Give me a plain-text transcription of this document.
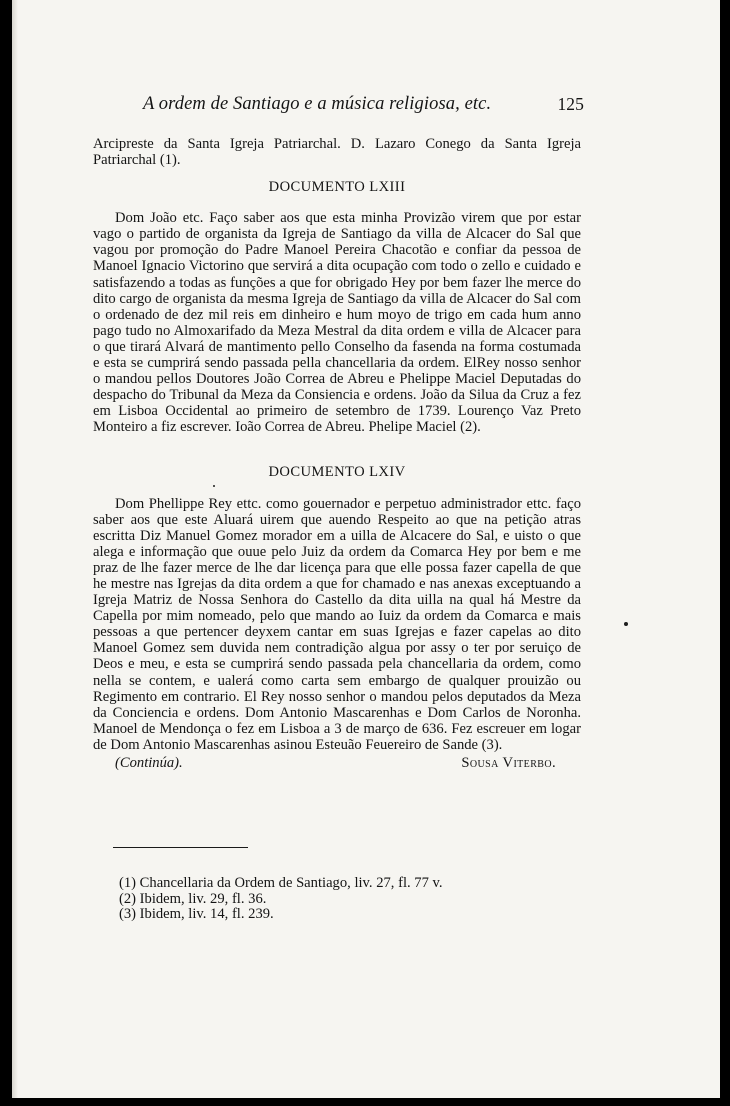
A ordem de Santiago e a música religiosa, etc.	125

Arcipreste da Santa Igreja Patriarchal. D. Lazaro Conego da Santa Igreja Patriarchal (1).

DOCUMENTO LXIII

Dom João etc. Faço saber aos que esta minha Provizão virem que por estar vago o partido de organista da Igreja de Santiago da villa de Alcacer do Sal que vagou por promoção do Padre Manoel Pereira Chacotão e confiar da pessoa de Manoel Ignacio Victorino que servirá a dita ocupação com todo o zello e cuidado e satisfazendo a todas as funções a que for obrigado Hey por bem fazer lhe merce do dito cargo de organista da mesma Igreja de Santiago da villa de Alcacer do Sal com o ordenado de dez mil reis em dinheiro e hum moyo de trigo em cada hum anno pago tudo no Almoxarifado da Meza Mestral da dita ordem e villa de Alcacer para o que tirará Alvará de mantimento pello Conselho da fasenda na forma costumada e esta se cumprirá sendo passada pella chancellaria da ordem. ElRey nosso senhor o mandou pellos Doutores João Correa de Abreu e Phelippe Maciel Deputadas do despacho do Tribunal da Meza da Consiencia e ordens. João da Silua da Cruz a fez em Lisboa Occidental ao primeiro de setembro de 1739. Lourenço Vaz Preto Monteiro a fiz escrever. Ioão Correa de Abreu. Phelipe Maciel (2).

DOCUMENTO LXIV

Dom Phellippe Rey ettc. como gouernador e perpetuo administrador ettc. faço saber aos que este Aluará uirem que auendo Respeito ao que na petição atras escritta Diz Manuel Gomez morador em a uilla de Alcacere do Sal, e uisto o que alega e informação que ouue pelo Juiz da ordem da Comarca Hey por bem e me praz de lhe fazer merce de lhe dar licença para que elle possa fazer capella de que he mestre nas Igrejas da dita ordem a que for chamado e nas anexas exceptuando a Igreja Matriz de Nossa Senhora do Castello da dita uilla na qual há Mestre da Capella por mim nomeado, pelo que mando ao Iuiz da ordem da Comarca e mais pessoas a que pertencer deyxem cantar em suas Igrejas e fazer capelas ao dito Manoel Gomez sem duvida nem contradição algua por assy o ter por seruiço de Deos e meu, e esta se cumprirá sendo passada pela chancellaria da ordem, como nella se contem, e ualerá como carta sem embargo de qualquer prouizão ou Regimento em contrario. El Rey nosso senhor o mandou pelos deputados da Meza da Conciencia e ordens. Dom Antonio Mascarenhas e Dom Carlos de Noronha. Manoel de Mendonça o fez em Lisboa a 3 de março de 636. Fez escreuer em logar de Dom Antonio Mascarenhas asinou Esteuão Feuereiro de Sande (3).

(Continúa).	Sousa Viterbo.

(1) Chancellaria da Ordem de Santiago, liv. 27, fl. 77 v.

(2) Ibidem, liv. 29, fl. 36.

(3) Ibidem, liv. 14, fl. 239.
